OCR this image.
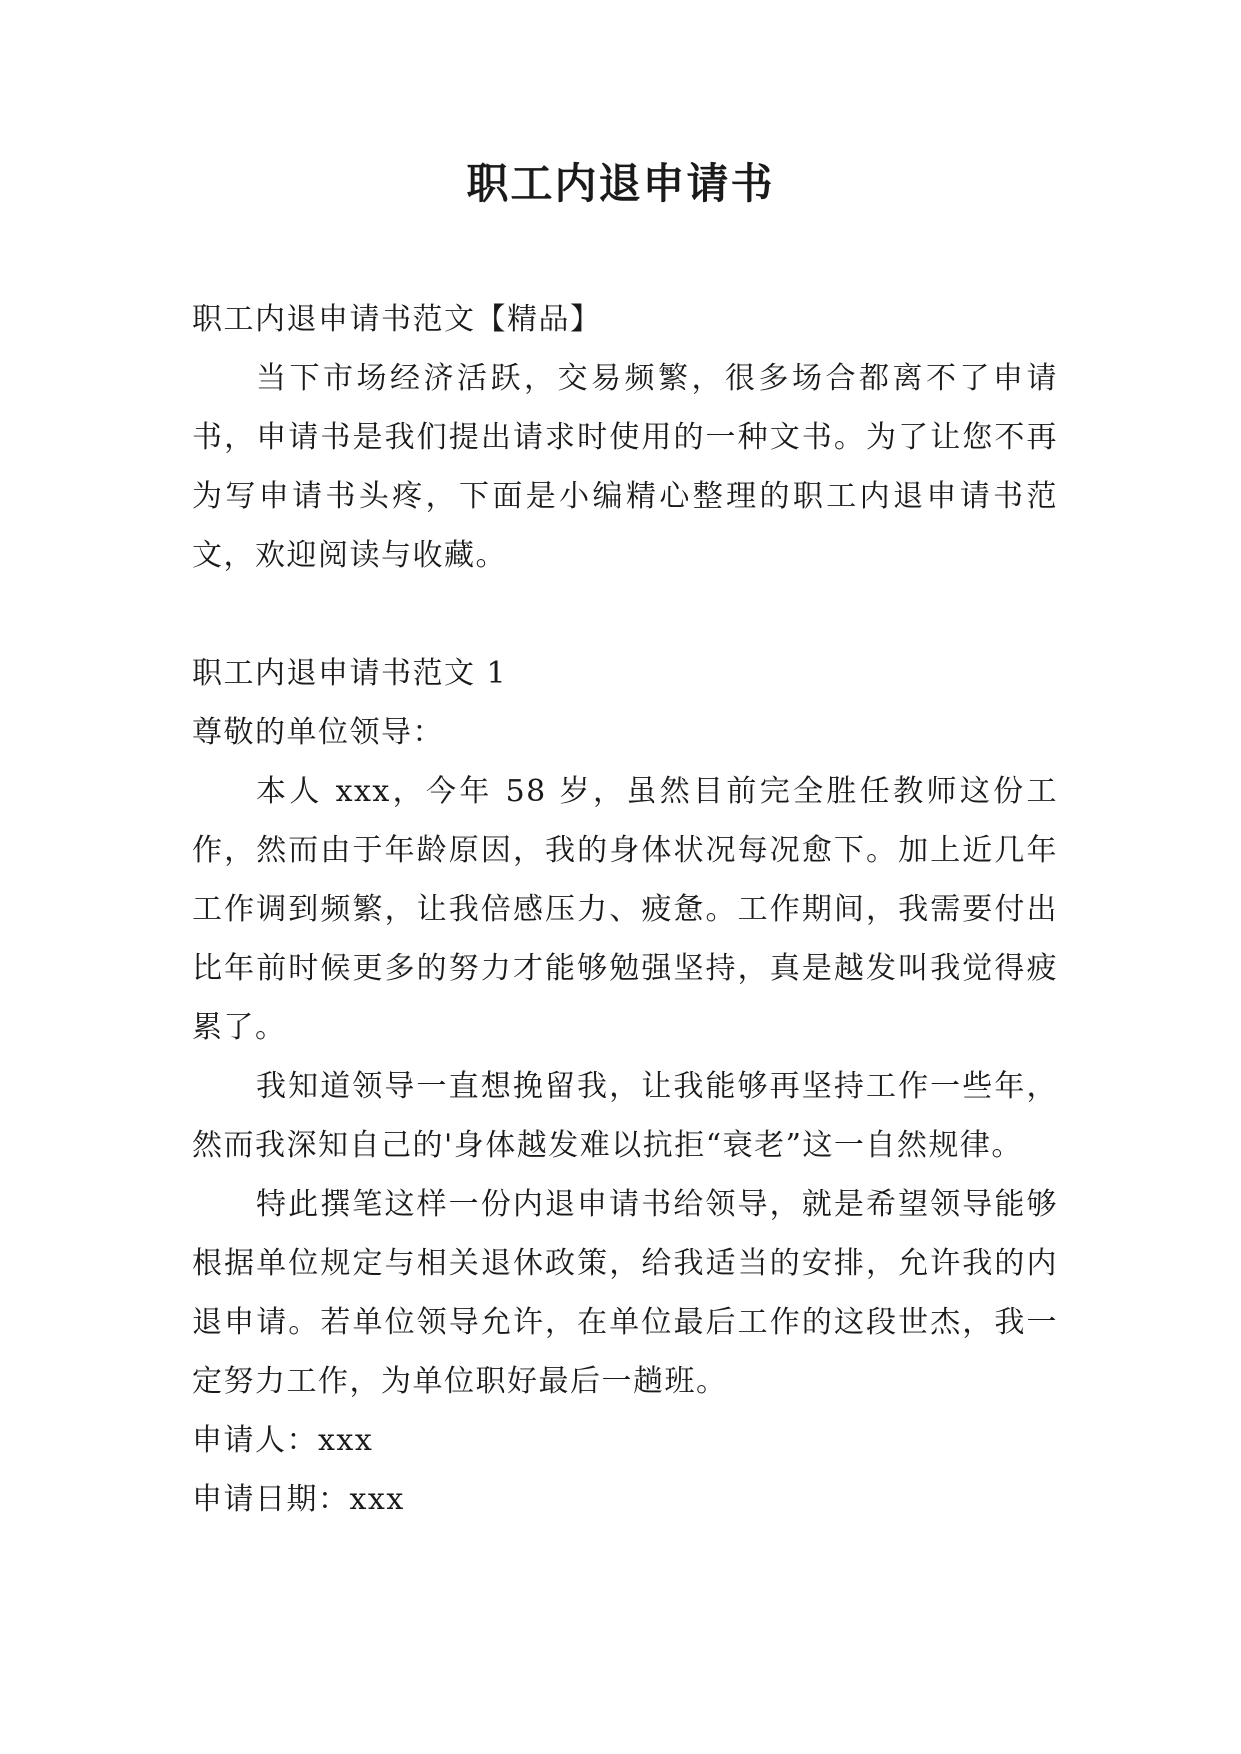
职工内退申请书
职工内退申请书范文【精品】
当下市场经济活跃，交易频繁，很多场合都离不了申请书，申请书是我们提出请求时使用的一种文书。为了让您不再为写申请书头疼，下面是小编精心整理的职工内退申请书范文，欢迎阅读与收藏。
职工内退申请书范文 1
尊敬的单位领导：
本人 xxx，今年 58 岁，虽然目前完全胜任教师这份工作，然而由于年龄原因，我的身体状况每况愈下。加上近几年工作调到频繁，让我倍感压力、疲惫。工作期间，我需要付出比年前时候更多的努力才能够勉强坚持，真是越发叫我觉得疲累了。
我知道领导一直想挽留我，让我能够再坚持工作一些年，然而我深知自己的'身体越发难以抗拒“衰老”这一自然规律。
特此撰笔这样一份内退申请书给领导，就是希望领导能够根据单位规定与相关退休政策，给我适当的安排，允许我的内退申请。若单位领导允许，在单位最后工作的这段世杰，我一定努力工作，为单位职好最后一趟班。
申请人：xxx
申请日期：xxx
